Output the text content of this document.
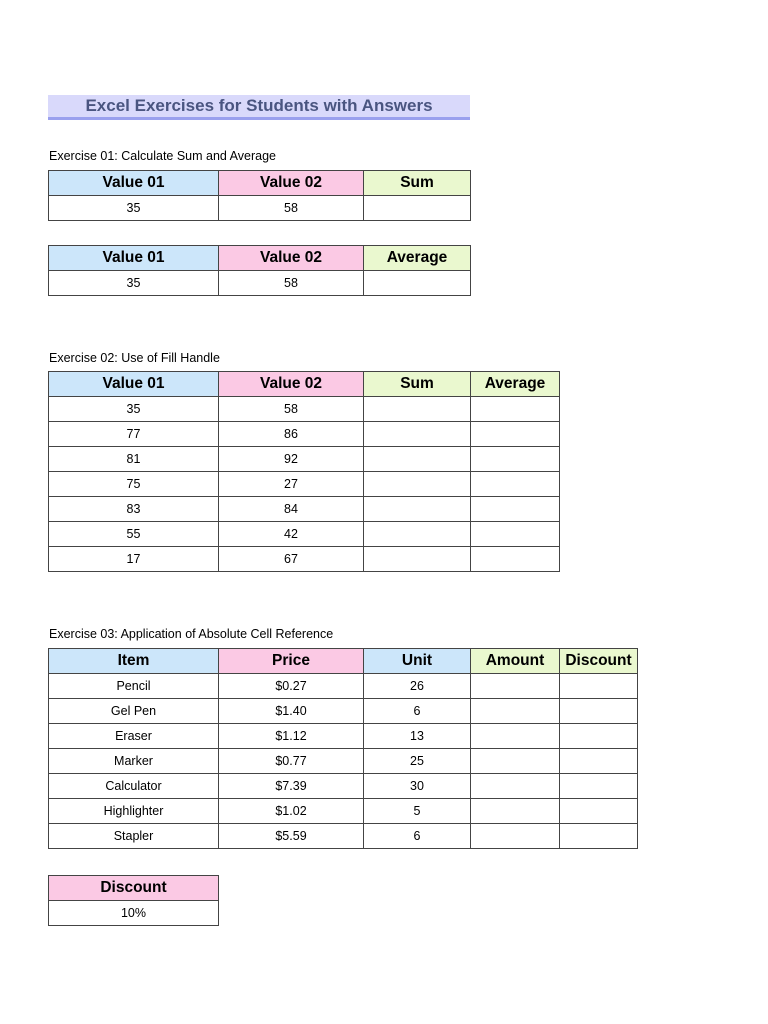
Excel Exercises for Students with Answers
Exercise 01: Calculate Sum and Average
Value 01	Value 02	Sum
35	58	
Value 01	Value 02	Average
35	58	
Exercise 02: Use of Fill Handle
Value 01	Value 02	Sum	Average
35	58		
77	86		
81	92		
75	27		
83	84		
55	42		
17	67		
Exercise 03: Application of Absolute Cell Reference
Item	Price	Unit	Amount	Discount
Pencil	$0.27	26		
Gel Pen	$1.40	6		
Eraser	$1.12	13		
Marker	$0.77	25		
Calculator	$7.39	30		
Highlighter	$1.02	5		
Stapler	$5.59	6		
Discount
10%
